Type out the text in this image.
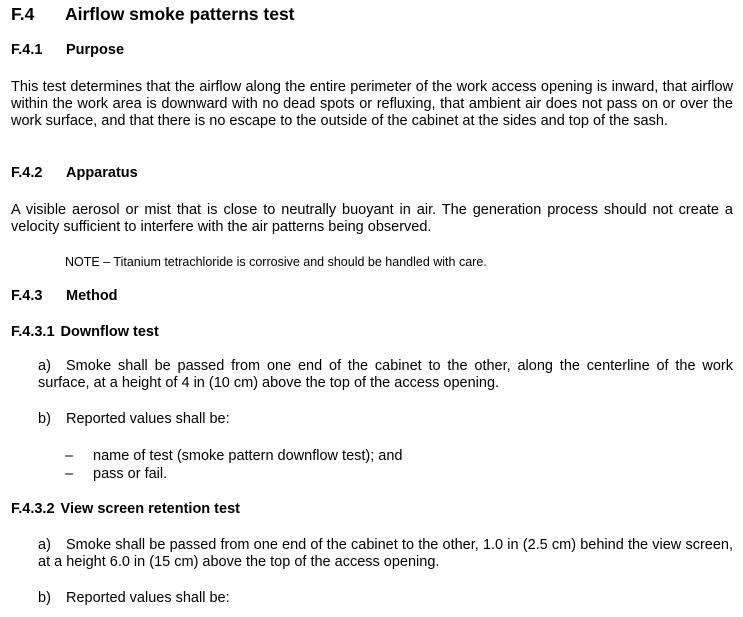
F.4 Airflow smoke patterns test
F.4.1 Purpose
This test determines that the airflow along the entire perimeter of the work access opening is inward, that airflow within the work area is downward with no dead spots or refluxing, that ambient air does not pass on or over the work surface, and that there is no escape to the outside of the cabinet at the sides and top of the sash.
F.4.2 Apparatus
A visible aerosol or mist that is close to neutrally buoyant in air. The generation process should not create a velocity sufficient to interfere with the air patterns being observed.
NOTE – Titanium tetrachloride is corrosive and should be handled with care.
F.4.3 Method
F.4.3.1 Downflow test
a) Smoke shall be passed from one end of the cabinet to the other, along the centerline of the work surface, at a height of 4 in (10 cm) above the top of the access opening.
b) Reported values shall be:
– name of test (smoke pattern downflow test); and
– pass or fail.
F.4.3.2 View screen retention test
a) Smoke shall be passed from one end of the cabinet to the other, 1.0 in (2.5 cm) behind the view screen, at a height 6.0 in (15 cm) above the top of the access opening.
b) Reported values shall be:
